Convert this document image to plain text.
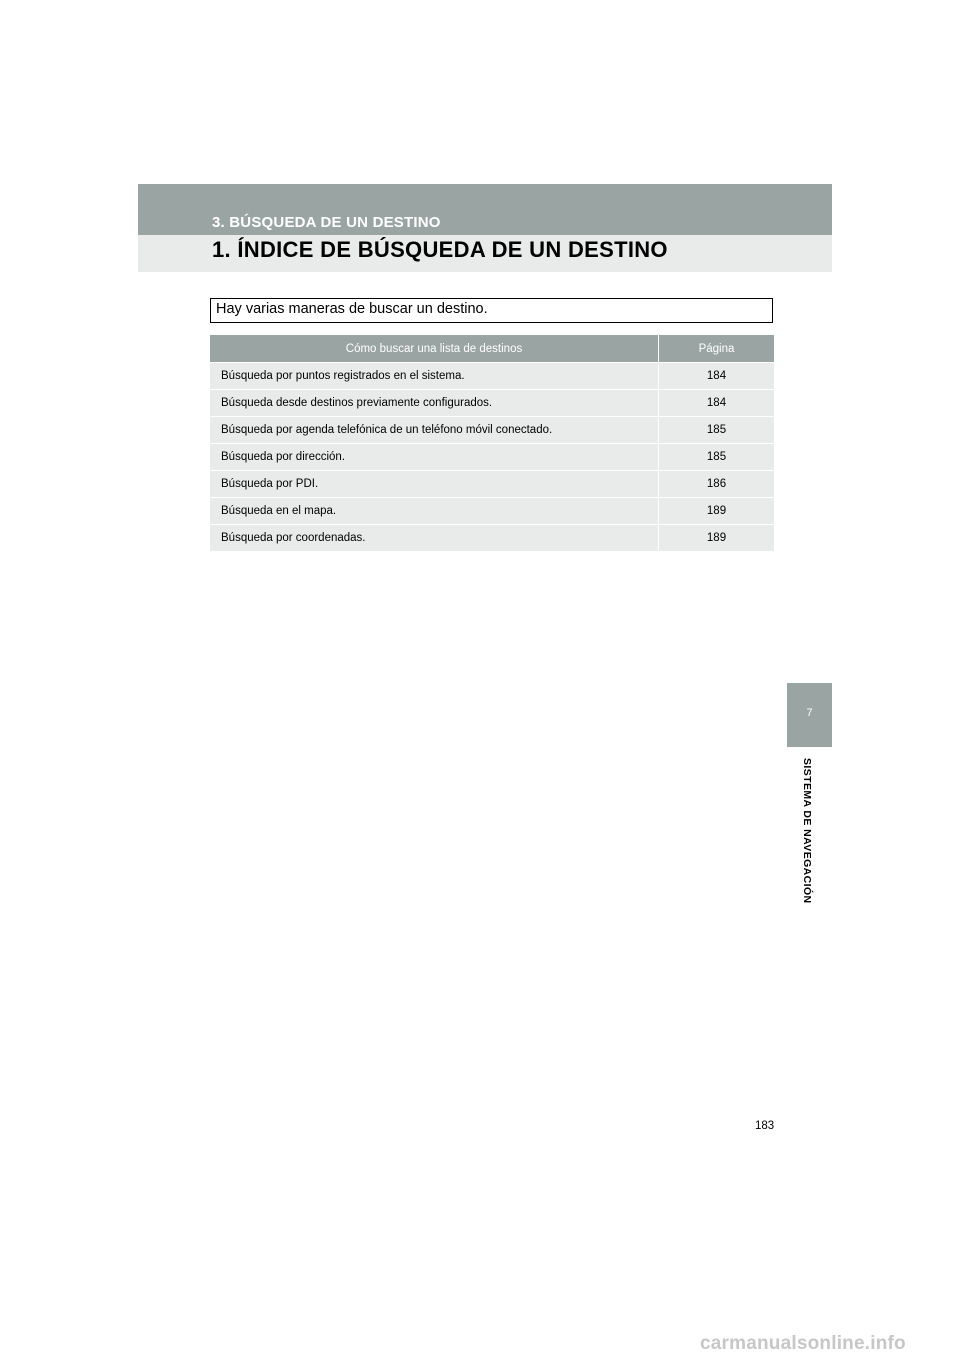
3. BÚSQUEDA DE UN DESTINO
1. ÍNDICE DE BÚSQUEDA DE UN DESTINO
Hay varias maneras de buscar un destino.
Cómo buscar una lista de destinos	Página
Búsqueda por puntos registrados en el sistema.	184
Búsqueda desde destinos previamente configurados.	184
Búsqueda por agenda telefónica de un teléfono móvil conectado.	185
Búsqueda por dirección.	185
Búsqueda por PDI.	186
Búsqueda en el mapa.	189
Búsqueda por coordenadas.	189
7
SISTEMA DE NAVEGACIÓN
183
carmanualsonline.info
